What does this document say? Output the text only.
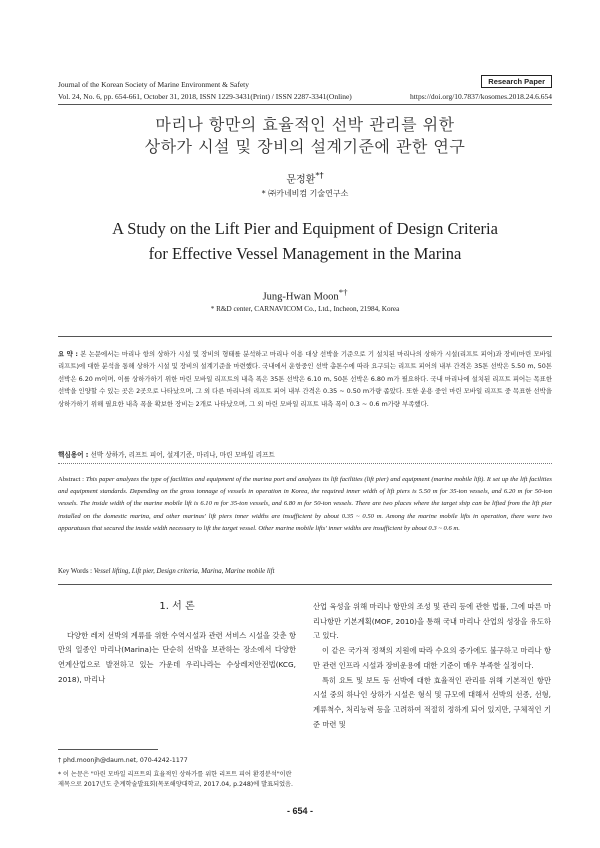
Journal of the Korean Society of Marine Environment & Safety	Research Paper
Vol. 24, No. 6, pp. 654-661, October 31, 2018, ISSN 1229-3431(Print) / ISSN 2287-3341(Online)	https://doi.org/10.7837/kosomes.2018.24.6.654
마리나 항만의 효율적인 선박 관리를 위한
상하가 시설 및 장비의 설계기준에 관한 연구
문정환*†
* ㈜카네비컴 기술연구소
A Study on the Lift Pier and Equipment of Design Criteria
for Effective Vessel Management in the Marina
Jung-Hwan Moon*†
* R&D center, CARNAVICOM Co., Ltd., Incheon, 21984, Korea
요 약 : 본 논문에서는 마리나 항의 상하가 시설 및 장비의 형태를 분석하고 마리나 이용 대상 선박을 기준으로 기 설치된 마리나의 상하가 시설(리프트 피어)과 장비(마린 모바일 리프트)에 대한 분석을 통해 상하가 시설 및 장비의 설계기준을 마련했다. 국내에서 운항중인 선박 총톤수에 따라 요구되는 리프트 피어의 내부 간격은 35톤 선박은 5.50 m, 50톤 선박은 6.20 m이며, 이를 상하가하기 위한 마린 모바일 리프트의 내측 폭은 35톤 선박은 6.10 m, 50톤 선박은 6.80 m가 필요하다. 국내 마리나에 설치된 리프트 피어는 목표한 선박을 인양할 수 있는 곳은 2곳으로 나타났으며, 그 외 다른 마리나의 리프트 피어 내부 간격은 0.35 ~ 0.50 m가량 좁았다. 또한 운용 중인 마린 모바일 리프트 중 목표한 선박을 상하가하기 위해 필요한 내측 폭을 확보한 장비는 2개로 나타났으며, 그 외 마린 모바일 리프트 내측 폭이 0.3 ~ 0.6 m가량 부족했다.
핵심용어 : 선박 상하가, 리프트 피어, 설계기준, 마리나, 마린 모바일 리프트
Abstract : This paper analyzes the type of facilities and equipment of the marina port and analyzes its lift facilities (lift pier) and equipment (marine mobile lift). It set up the lift facilities and equipment standards. Depending on the gross tonnage of vessels in operation in Korea, the required inner width of lift piers is 5.50 m for 35-ton vessels, and 6.20 m for 50-ton vessels. The inside width of the marine mobile lift is 6.10 m for 35-ton vessels, and 6.80 m for 50-ton vessels. There are two places where the target ship can be lifted from the lift pier installed on the domestic marina, and other marinas' lift piers inner widths are insufficient by about 0.35 ~ 0.50 m. Among the marine mobile lifts in operation, there were two apparatuses that secured the inside width necessary to lift the target vessel. Other marine mobile lifts' inner widths are insufficient by about 0.3 ~ 0.6 m.
Key Words : Vessel lifting, Lift pier, Design criteria, Marina, Marine mobile lift

1. 서 론

다양한 레저 선박의 계류를 위한 수역시설과 관련 서비스 시설을 갖춘 항만의 일종인 마리나(Marina)는 단순히 선박을 보관하는 장소에서 다양한 연계산업으로 발전하고 있는 가운데 우리나라는 수상레저안전법(KCG, 2018), 마리나

산업 육성을 위해 마리나 항만의 조성 및 관리 등에 관한 법률, 그에 따른 마리나항만 기본계획(MOF, 2010)을 통해 국내 마리나 산업의 성장을 유도하고 있다.

이 같은 국가적 정책의 지원에 따라 수요의 증가에도 불구하고 마리나 항만 관련 인프라 시설과 장비운용에 대한 기준이 매우 부족한 실정이다.

특히 요트 및 보트 등 선박에 대한 효율적인 관리를 위해 기본적인 항만시설 중의 하나인 상하가 시설은 형식 및 규모에 대해서 선박의 선종, 선형, 계류척수, 처리능력 등을 고려하여 적절히 정하게 되어 있지만, 구체적인 기준 마련 및

† phd.moonjh@daum.net, 070-4242-1177
* 이 논문은 "마린 모바일 리프트의 효율적인 상하가를 위한 리프트 피어 환경분석"이란 제목으로 2017년도 춘계학술발표회(목포해양대학교, 2017.04, p.248)에 발표되었음.
- 654 -
